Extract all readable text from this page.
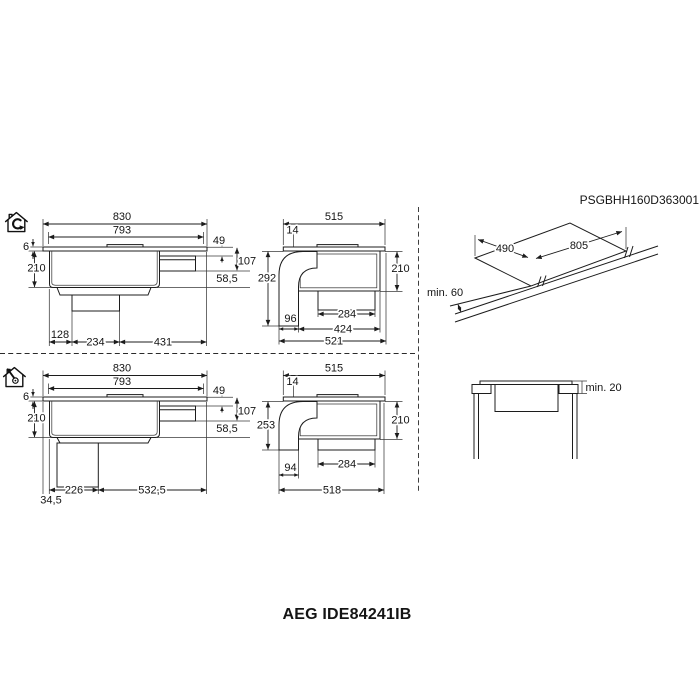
PSGBHH160D363001
830
793
6
210
49
107
58,5
128
234	431
515
14
292
96
424
521
284
210
490	805
min. 60
830
793
6
210
49
107
58,5
226	532,5
34,5
515
14
253	210
284
94
518
min. 20
AEG IDE84241IB
